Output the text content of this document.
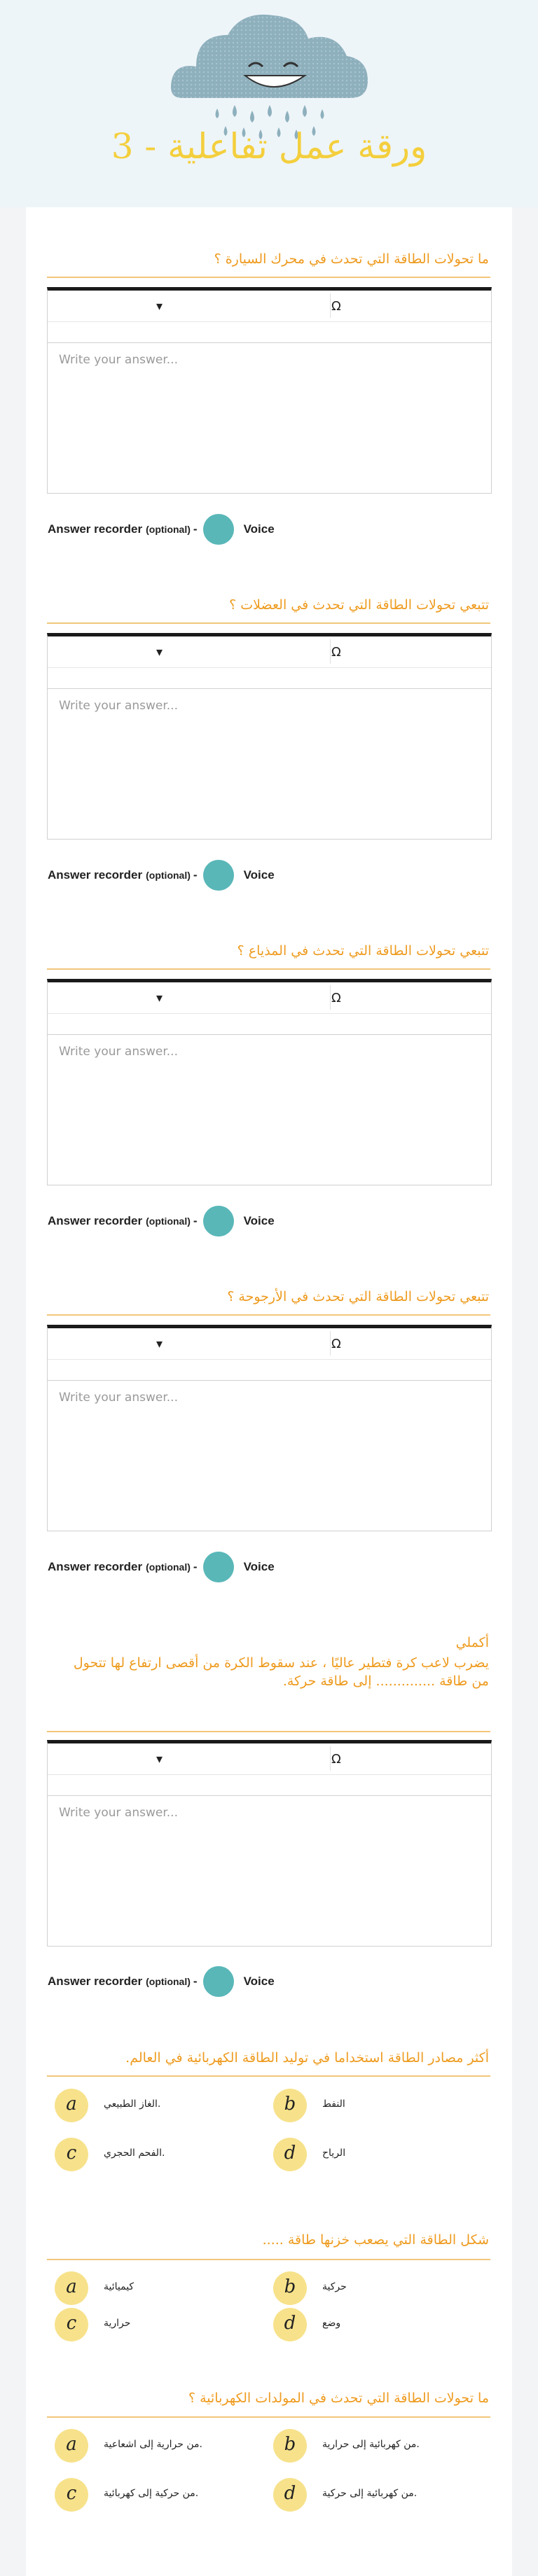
ورقة عمل تفاعلية - 3
ما تحولات الطاقة التي تحدث في محرك السيارة ؟
▾	Ω
Write your answer...
Answer recorder (optional) -	Voice
تتبعي تحولات الطاقة التي تحدث في العضلات ؟
▾	Ω
Write your answer...
Answer recorder (optional) -	Voice
تتبعي تحولات الطاقة التي تحدث في المذياع ؟
▾	Ω
Write your answer...
Answer recorder (optional) -	Voice
تتبعي تحولات الطاقة التي تحدث في الأرجوحة ؟
▾	Ω
Write your answer...
Answer recorder (optional) -	Voice
أكملي
يضرب لاعب كرة فتطير عاليًا ، عند سقوط الكرة من أقصى ارتفاع لها تتحول
من طاقة .............. إلى طاقة حركة.
▾	Ω
Write your answer...
Answer recorder (optional) -	Voice
أكثر مصادر الطاقة استخداما في توليد الطاقة الكهربائية في العالم.
a	الغاز الطبيعي.	b	النفط
c	الفحم الحجري.	d	الرياح
شكل الطاقة التي يصعب خزنها طاقة .....
a	كيميائية	b	حركية
c	حرارية	d	وضع
ما تحولات الطاقة التي تحدث في المولدات الكهربائية ؟
a	من حرارية إلى اشعاعية.	b	من كهربائية إلى حرارية.
c	من حركية إلى كهربائية.	d	من كهربائية إلى حركية.
